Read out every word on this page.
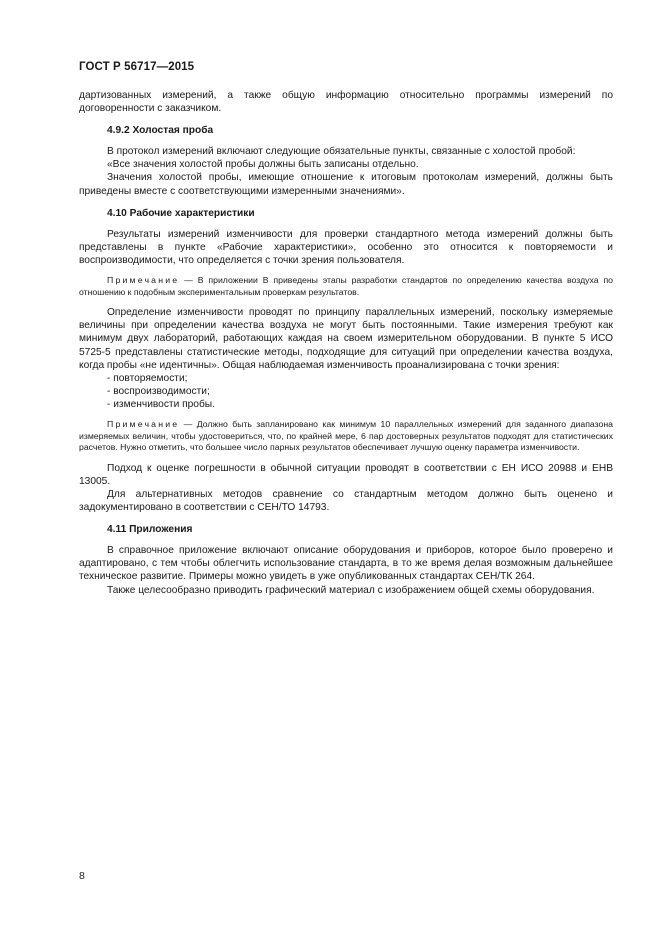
ГОСТ Р 56717—2015

дартизованных измерений, а также общую информацию относительно программы измерений по договоренности с заказчиком.

4.9.2 Холостая проба

В протокол измерений включают следующие обязательные пункты, связанные с холостой пробой:

«Все значения холостой пробы должны быть записаны отдельно.

Значения холостой пробы, имеющие отношение к итоговым протоколам измерений, должны быть приведены вместе с соответствующими измеренными значениями».

4.10 Рабочие характеристики

Результаты измерений изменчивости для проверки стандартного метода измерений должны быть представлены в пункте «Рабочие характеристики», особенно это относится к повторяемости и воспроизводимости, что определяется с точки зрения пользователя.

Примечание — В приложении В приведены этапы разработки стандартов по определению качества воздуха по отношению к подобным экспериментальным проверкам результатов.

Определение изменчивости проводят по принципу параллельных измерений, поскольку измеряемые величины при определении качества воздуха не могут быть постоянными. Такие измерения требуют как минимум двух лабораторий, работающих каждая на своем измерительном оборудовании. В пункте 5 ИСО 5725-5 представлены статистические методы, подходящие для ситуаций при определении качества воздуха, когда пробы «не идентичны». Общая наблюдаемая изменчивость проанализирована с точки зрения:

- повторяемости;
- воспроизводимости;
- изменчивости пробы.

Примечание — Должно быть запланировано как минимум 10 параллельных измерений для заданного диапазона измеряемых величин, чтобы удостовериться, что, по крайней мере, 6 пар достоверных результатов подходят для статистических расчетов. Нужно отметить, что большее число парных результатов обеспечивает лучшую оценку параметра изменчивости.

Подход к оценке погрешности в обычной ситуации проводят в соответствии с ЕН ИСО 20988 и ЕНВ 13005.

Для альтернативных методов сравнение со стандартным методом должно быть оценено и задокументировано в соответствии с СЕН/ТО 14793.

4.11 Приложения

В справочное приложение включают описание оборудования и приборов, которое было проверено и адаптировано, с тем чтобы облегчить использование стандарта, в то же время делая возможным дальнейшее техническое развитие. Примеры можно увидеть в уже опубликованных стандартах СЕН/ТК 264.

Также целесообразно приводить графический материал с изображением общей схемы оборудования.

8
